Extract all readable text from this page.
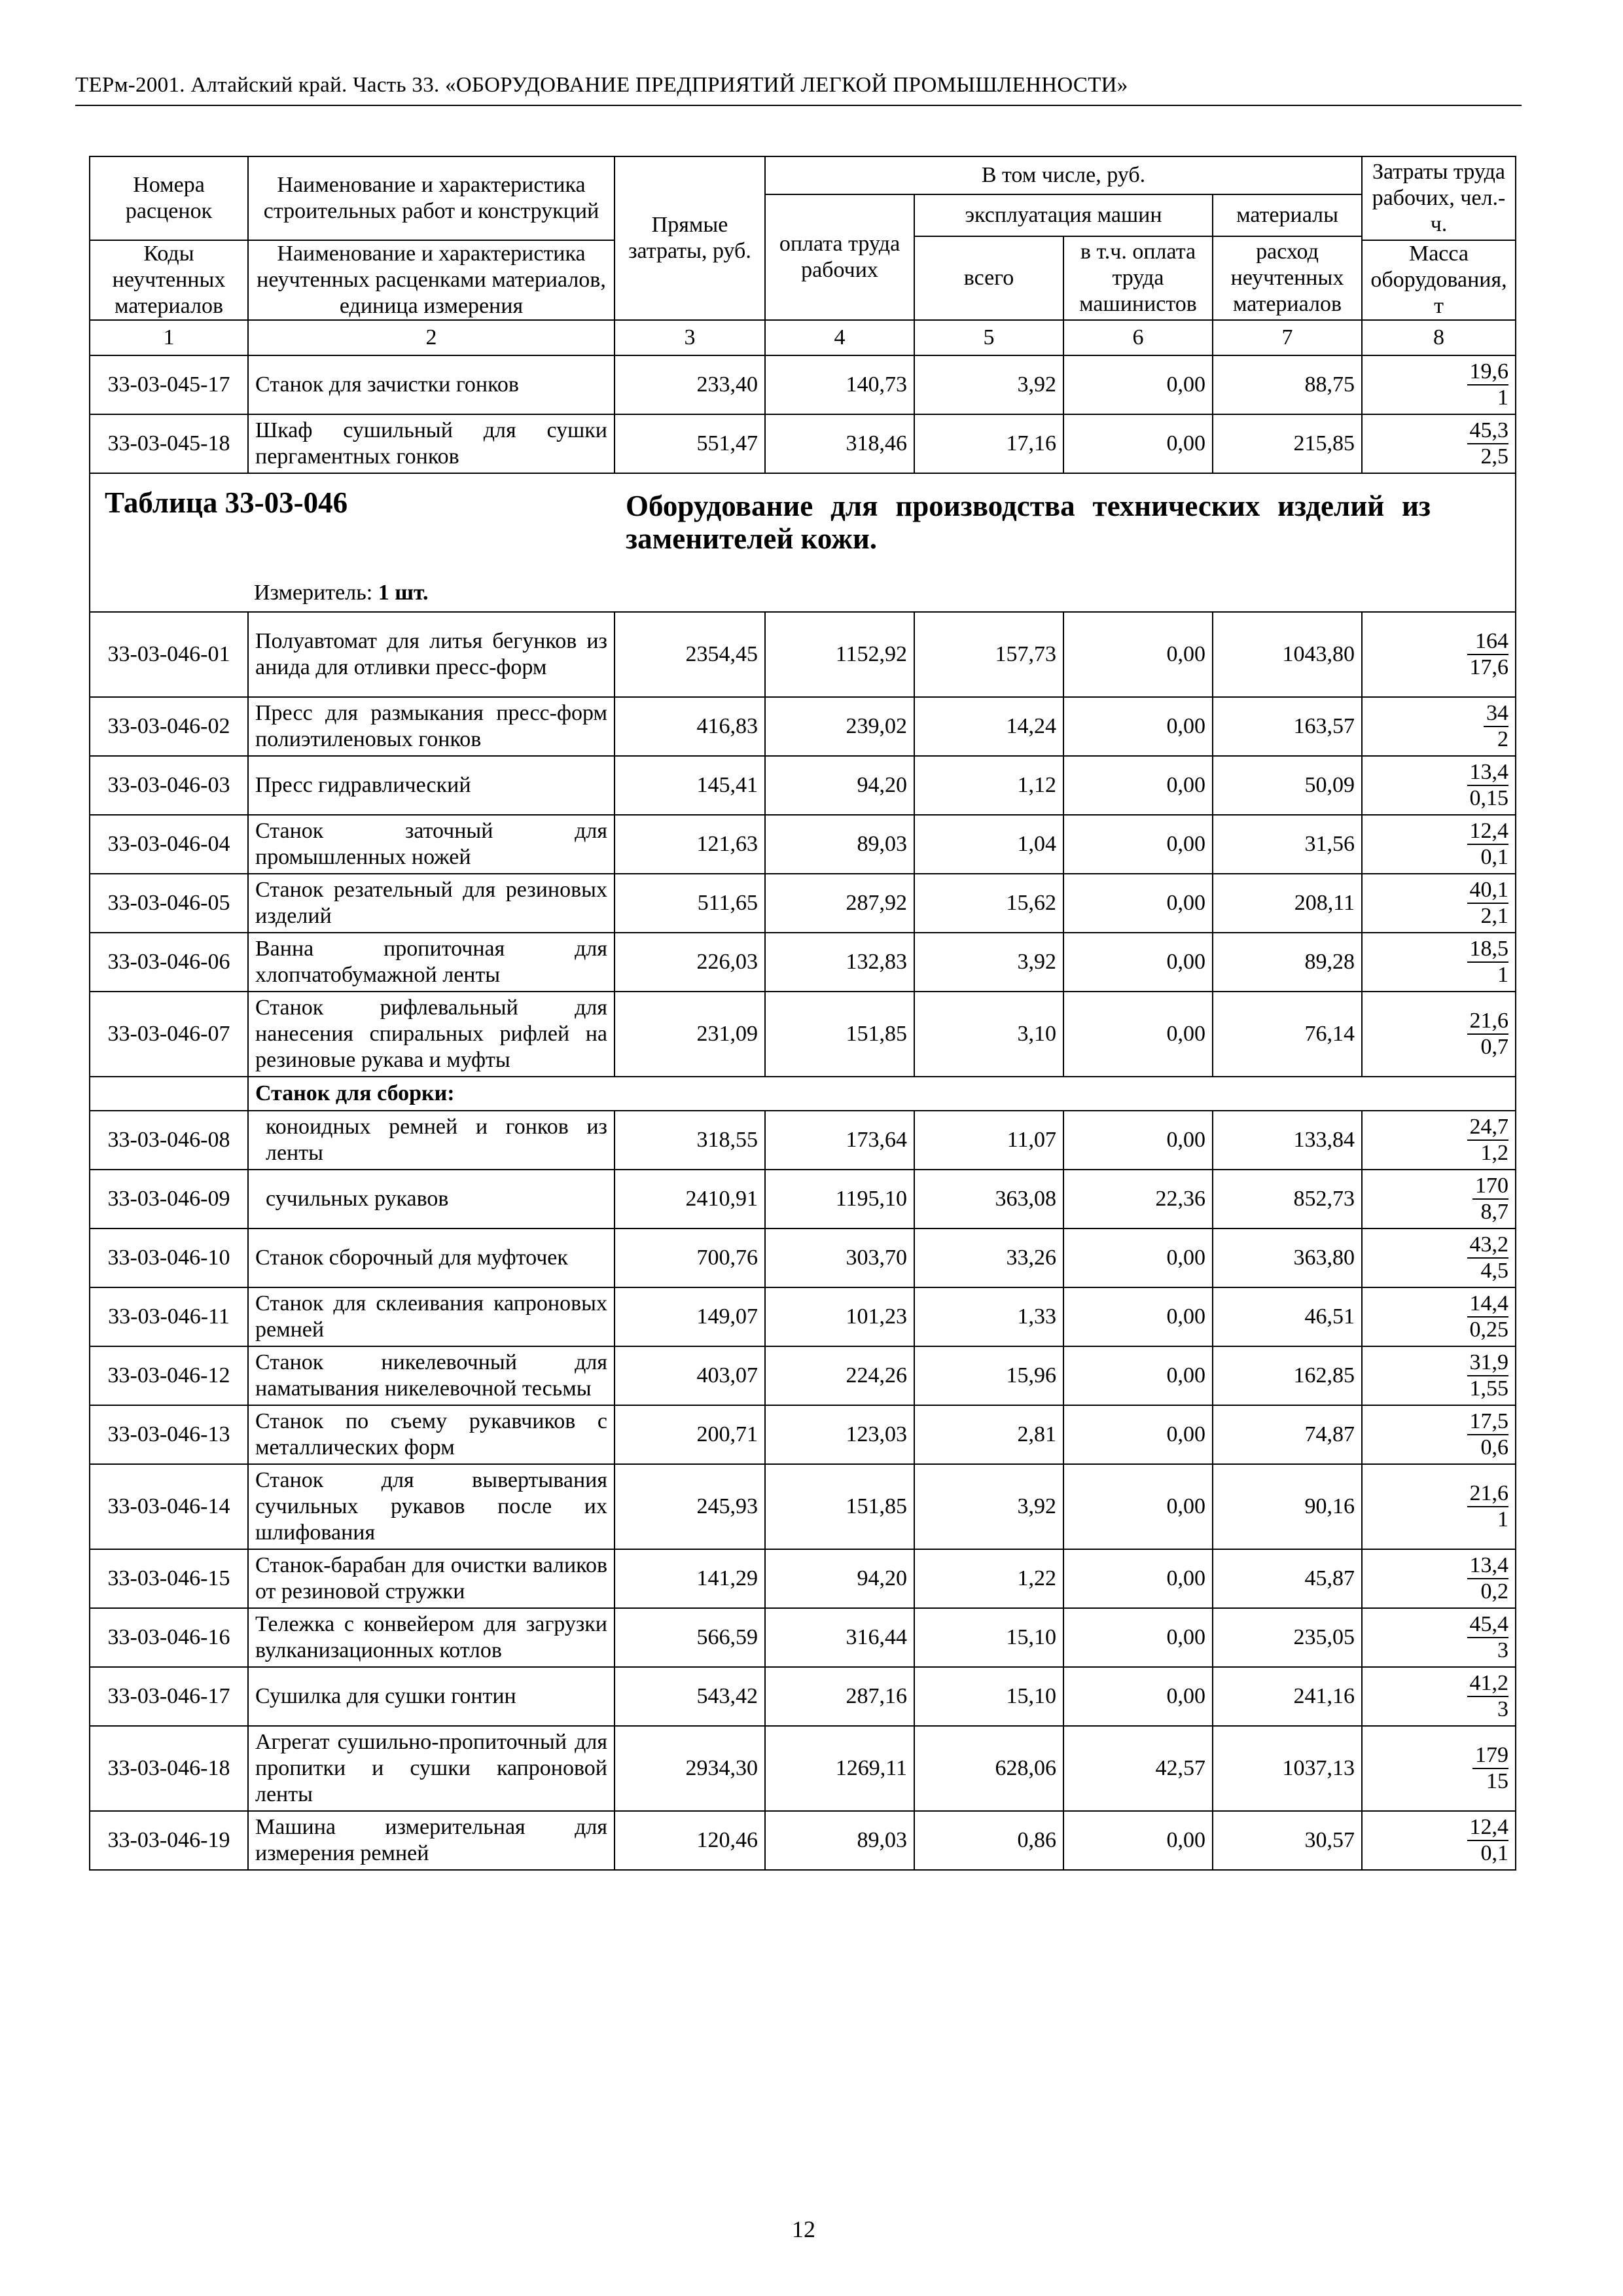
ТЕРм-2001. Алтайский край. Часть 33. «ОБОРУДОВАНИЕ ПРЕДПРИЯТИЙ ЛЕГКОЙ ПРОМЫШЛЕННОСТИ»
Номера расценок	Наименование и характеристика строительных работ и конструкций	Прямые затраты, руб.	В том числе, руб.				Затраты труда рабочих, чел.-ч.
			оплата труда рабочих	эксплуатация машин		материалы	
				всего	в т.ч. оплата труда машинистов	расход неучтенных материалов	
Коды неучтенных материалов	Наименование и характеристика неучтенных расценками материалов, единица измерения						Масса оборудования, т

1	2	3	4	5	6	7	8
33-03-045-17	Станок для зачистки гонков	233,40	140,73	3,92	0,00	88,75	$\frac{19,6}{1}$

33-03-045-18	Шкаф сушильный для сушки пергаментных гонков	551,47	318,46	17,16	0,00	215,85	$\frac{45,3}{2,5}$

Таблица 33-03-046 Оборудование для производства технических изделий из заменителей кожи.
Измеритель: 1 шт.							

33-03-046-01	Полуавтомат для литья бегунков из анида для отливки пресс-форм	2354,45	1152,92	157,73	0,00	1043,80	$\frac{164}{17,6}$

33-03-046-02	Пресс для размыкания пресс-форм полиэтиленовых гонков	416,83	239,02	14,24	0,00	163,57	$\frac{34}{2}$

33-03-046-03	Пресс гидравлический	145,41	94,20	1,12	0,00	50,09	$\frac{13,4}{0,15}$

33-03-046-04	Станок заточный для промышленных ножей	121,63	89,03	1,04	0,00	31,56	$\frac{12,4}{0,1}$

33-03-046-05	Станок резательный для резиновых изделий	511,65	287,92	15,62	0,00	208,11	$\frac{40,1}{2,1}$

33-03-046-06	Ванна пропиточная для хлопчатобумажной ленты	226,03	132,83	3,92	0,00	89,28	$\frac{18,5}{1}$

33-03-046-07	Станок рифлевальный для нанесения спиральных рифлей на резиновые рукава и муфты	231,09	151,85	3,10	0,00	76,14	$\frac{21,6}{0,7}$

	Станок для сборки:						
33-03-046-08	коноидных ремней и гонков из ленты	318,55	173,64	11,07	0,00	133,84	$\frac{24,7}{1,2}$

33-03-046-09	сучильных рукавов	2410,91	1195,10	363,08	22,36	852,73	$\frac{170}{8,7}$

33-03-046-10	Станок сборочный для муфточек	700,76	303,70	33,26	0,00	363,80	$\frac{43,2}{4,5}$

33-03-046-11	Станок для склеивания капроновых ремней	149,07	101,23	1,33	0,00	46,51	$\frac{14,4}{0,25}$

33-03-046-12	Станок никелевочный для наматывания никелевочной тесьмы	403,07	224,26	15,96	0,00	162,85	$\frac{31,9}{1,55}$

33-03-046-13	Станок по съему рукавчиков с металлических форм	200,71	123,03	2,81	0,00	74,87	$\frac{17,5}{0,6}$

33-03-046-14	Станок для вывертывания сучильных рукавов после их шлифования	245,93	151,85	3,92	0,00	90,16	$\frac{21,6}{1}$

33-03-046-15	Станок-барабан для очистки валиков от резиновой стружки	141,29	94,20	1,22	0,00	45,87	$\frac{13,4}{0,2}$

33-03-046-16	Тележка с конвейером для загрузки вулканизационных котлов	566,59	316,44	15,10	0,00	235,05	$\frac{45,4}{3}$

33-03-046-17	Сушилка для сушки гонтин	543,42	287,16	15,10	0,00	241,16	$\frac{41,2}{3}$

33-03-046-18	Агрегат сушильно-пропиточный для пропитки и сушки капроновой ленты	2934,30	1269,11	628,06	42,57	1037,13	$\frac{179}{15}$

33-03-046-19	Машина измерительная для измерения ремней	120,46	89,03	0,86	0,00	30,57	$\frac{12,4}{0,1}$
12
